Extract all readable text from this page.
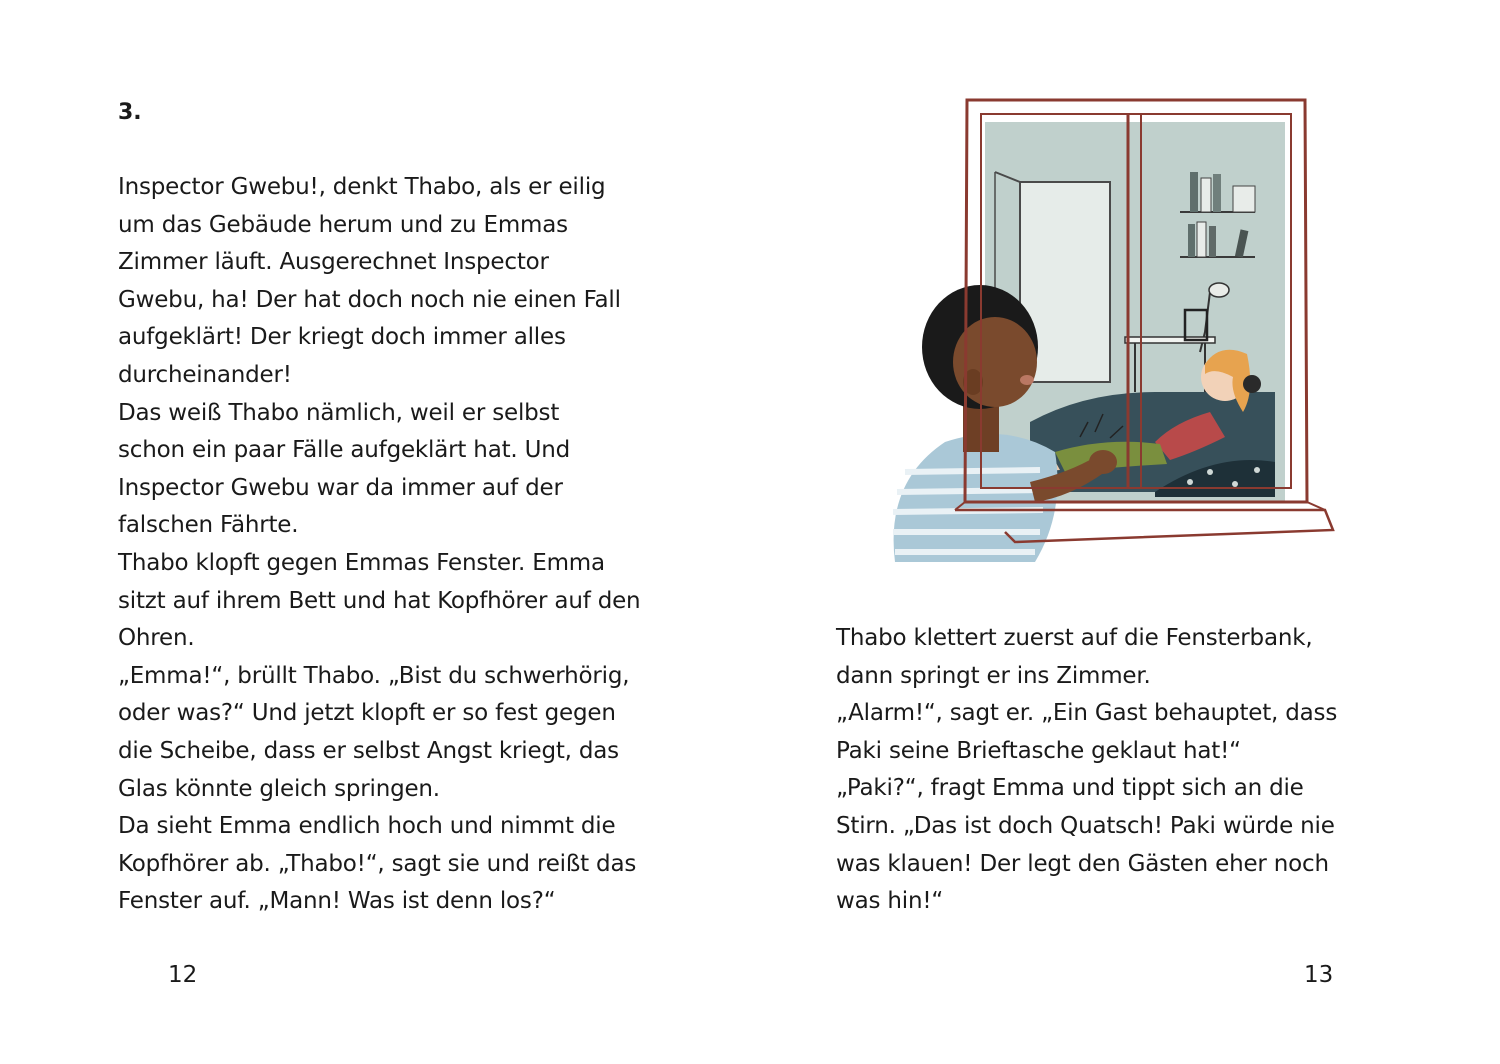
3.
Inspector Gwebu!, denkt Thabo, als er eilig
um das Gebäude herum und zu Emmas
Zimmer läuft. Ausgerechnet Inspector
Gwebu, ha! Der hat doch noch nie einen Fall
aufgeklärt! Der kriegt doch immer alles
durcheinander!
Das weiß Thabo nämlich, weil er selbst
schon ein paar Fälle aufgeklärt hat. Und
Inspector Gwebu war da immer auf der
falschen Fährte.
Thabo klopft gegen Emmas Fenster. Emma
sitzt auf ihrem Bett und hat Kopfhörer auf den
Ohren.
„Emma!“, brüllt Thabo. „Bist du schwerhörig,
oder was?“ Und jetzt klopft er so fest gegen
die Scheibe, dass er selbst Angst kriegt, das
Glas könnte gleich springen.
Da sieht Emma endlich hoch und nimmt die
Kopfhörer ab. „Thabo!“, sagt sie und reißt das
Fenster auf. „Mann! Was ist denn los?“
12
Thabo klettert zuerst auf die Fensterbank,
dann springt er ins Zimmer.
„Alarm!“, sagt er. „Ein Gast behauptet, dass
Paki seine Brieftasche geklaut hat!“
„Paki?“, fragt Emma und tippt sich an die
Stirn. „Das ist doch Quatsch! Paki würde nie
was klauen! Der legt den Gästen eher noch
was hin!“
13
